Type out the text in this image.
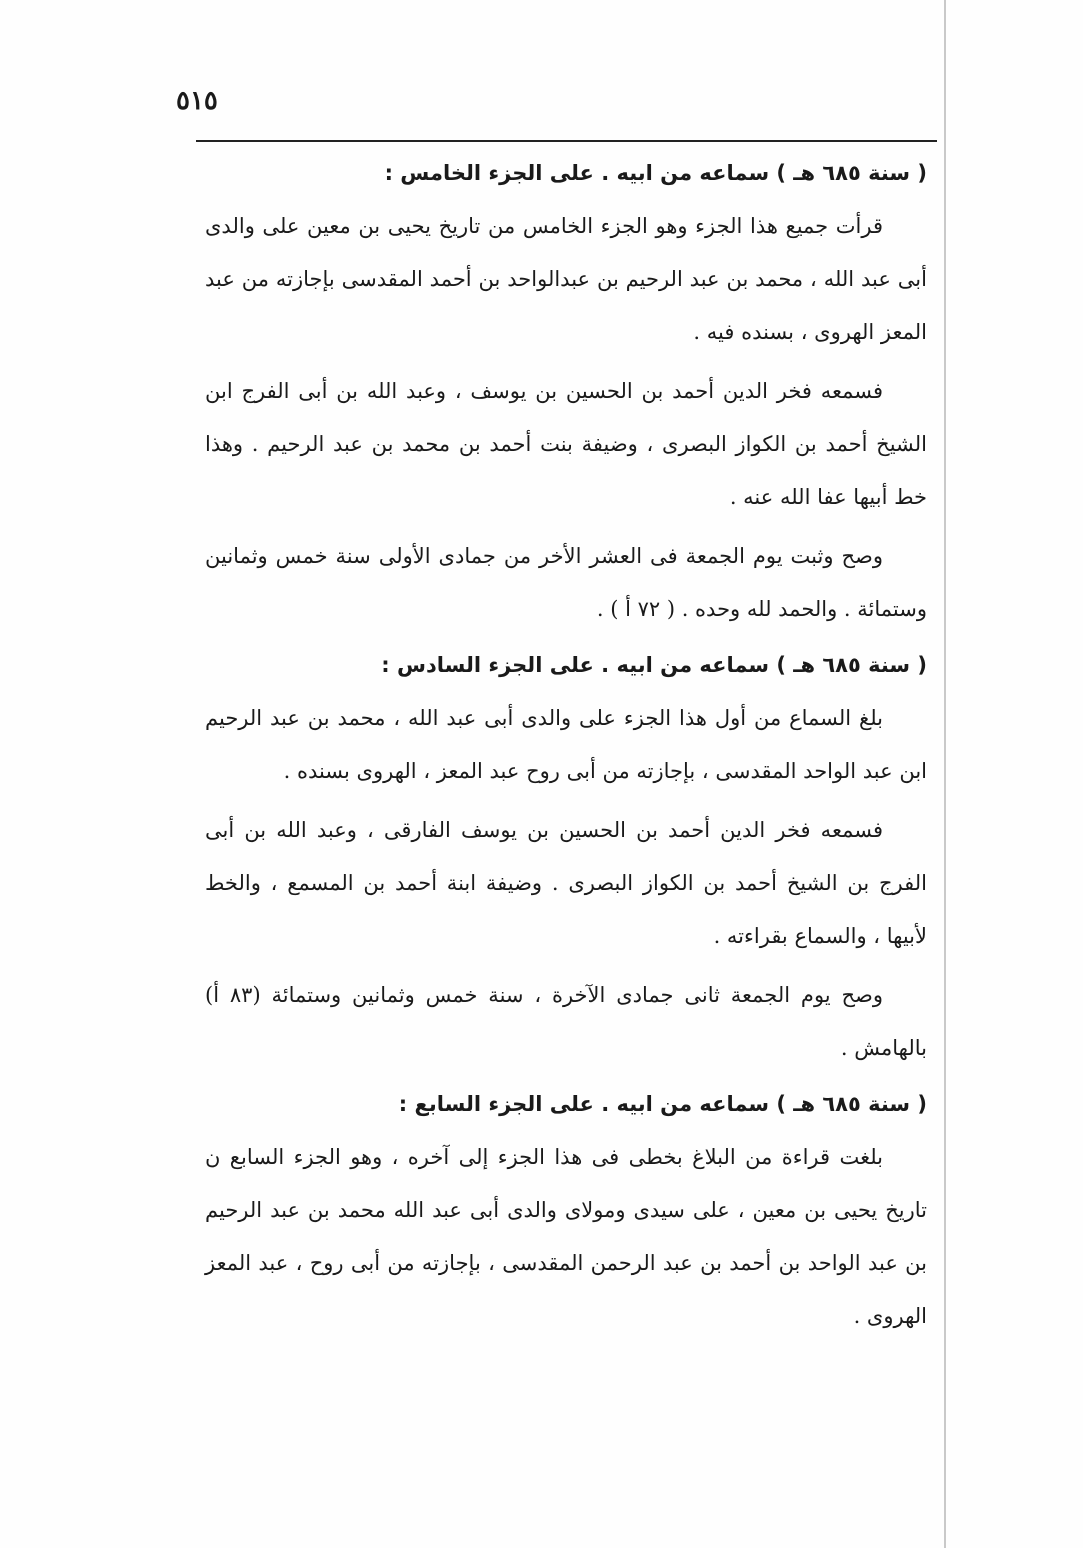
٥١٥

( سنة ٦٨٥ هـ ) سماعه من ابيه . على الجزء الخامس :

قرأت جميع هذا الجزء وهو الجزء الخامس من تاريخ يحيى بن معين على والدى أبى عبد الله ، محمد بن عبد الرحيم بن عبدالواحد بن أحمد المقدسى بإجازته من عبد المعز الهروى ، بسنده فيه .

فسمعه فخر الدين أحمد بن الحسين بن يوسف ، وعبد الله بن أبى الفرج ابن الشيخ أحمد بن الكواز البصرى ، وضيفة بنت أحمد بن محمد بن عبد الرحيم . وهذا خط أبيها عفا الله عنه .

وصح وثبت يوم الجمعة فى العشر الأخر من جمادى الأولى سنة خمس وثمانين وستمائة . والحمد لله وحده . ( ٧٢ أ ) .

( سنة ٦٨٥ هـ ) سماعه من ابيه . على الجزء السادس :

بلغ السماع من أول هذا الجزء على والدى أبى عبد الله ، محمد بن عبد الرحيم ابن عبد الواحد المقدسى ، بإجازته من أبى روح عبد المعز ، الهروى بسنده .

فسمعه فخر الدين أحمد بن الحسين بن يوسف الفارقى ، وعبد الله بن أبى الفرج بن الشيخ أحمد بن الكواز البصرى . وضيفة ابنة أحمد بن المسمع ، والخط لأبيها ، والسماع بقراءته .

وصح يوم الجمعة ثانى جمادى الآخرة ، سنة خمس وثمانين وستمائة (٨٣ أ) بالهامش .

( سنة ٦٨٥ هـ ) سماعه من ابيه . على الجزء السابع :

بلغت قراءة من البلاغ بخطى فى هذا الجزء إلى آخره ، وهو الجزء السابع ن تاريخ يحيى بن معين ، على سيدى ومولاى والدى أبى عبد الله محمد بن عبد الرحيم بن عبد الواحد بن أحمد بن عبد الرحمن المقدسى ، بإجازته من أبى روح ، عبد المعز الهروى .
